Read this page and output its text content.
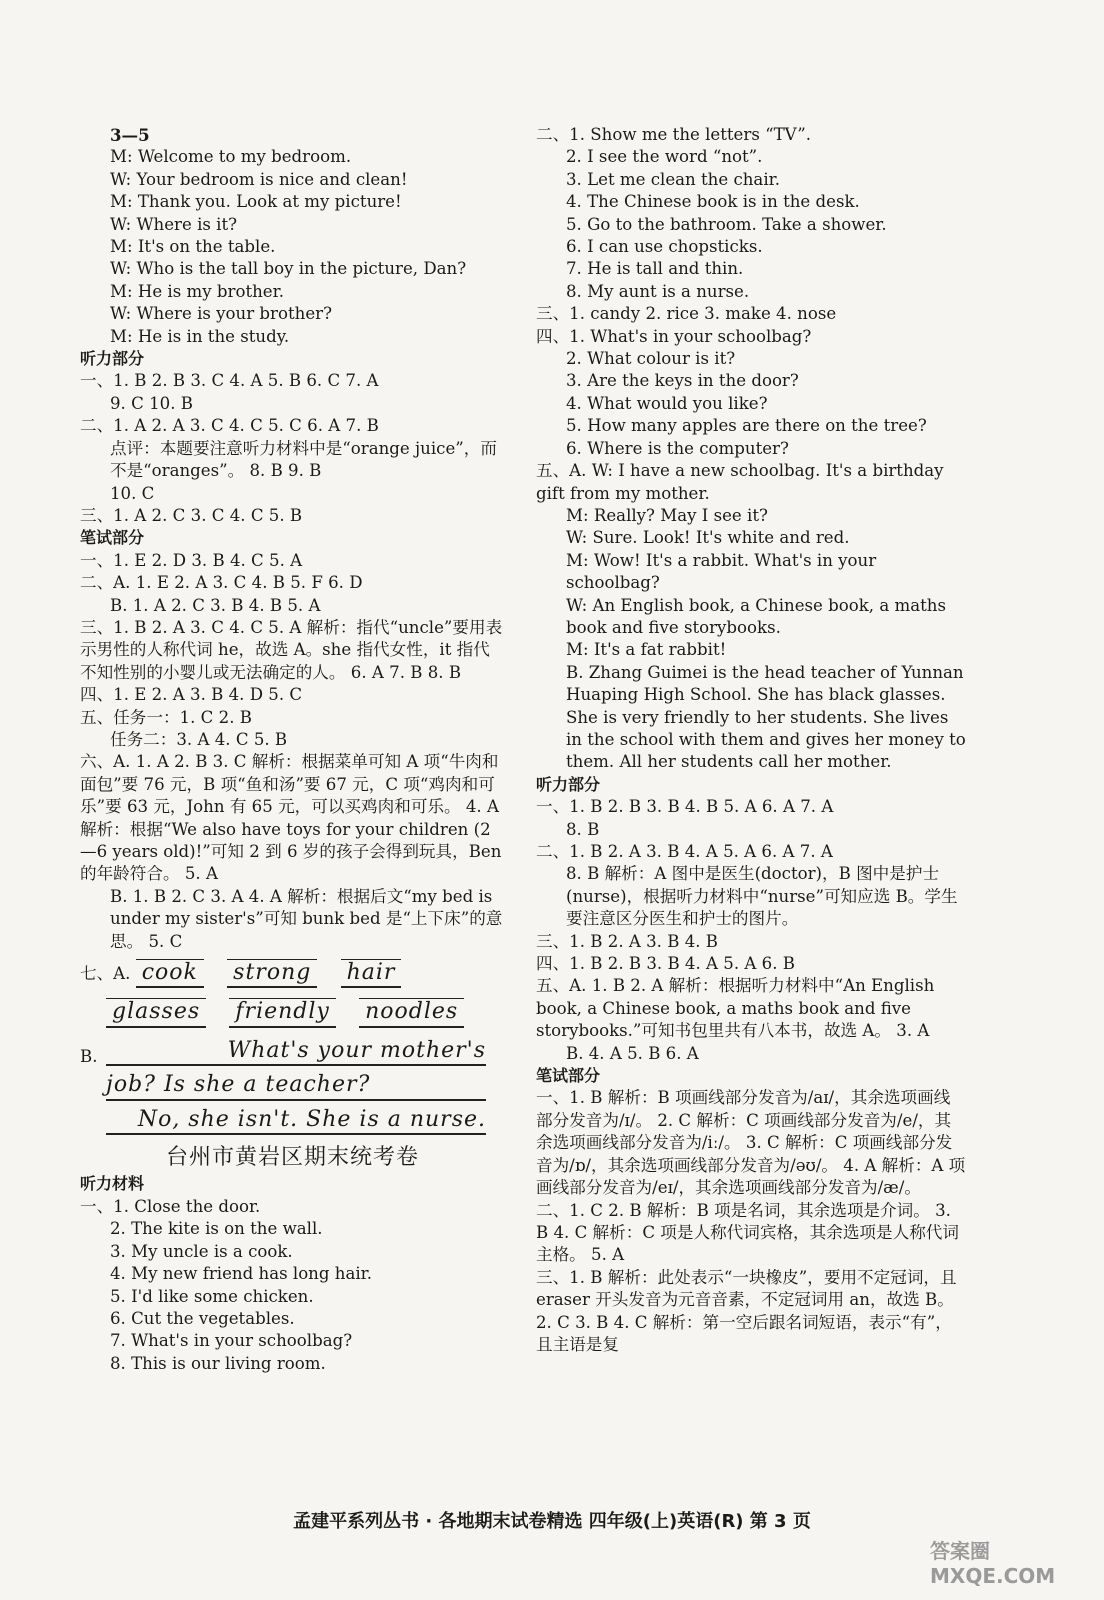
3—5
M: Welcome to my bedroom.
W: Your bedroom is nice and clean!
M: Thank you. Look at my picture!
W: Where is it?
M: It's on the table.
W: Who is the tall boy in the picture, Dan?
M: He is my brother.
W: Where is your brother?
M: He is in the study.
听力部分
一、1. B 2. B 3. C 4. A 5. B 6. C 7. A
9. C 10. B
二、1. A 2. A 3. C 4. C 5. C 6. A 7. B
点评：本题要注意听力材料中是“orange juice”，而不是“oranges”。 8. B 9. B
10. C
三、1. A 2. C 3. C 4. C 5. B
笔试部分
一、1. E 2. D 3. B 4. C 5. A
二、A. 1. E 2. A 3. C 4. B 5. F 6. D
B. 1. A 2. C 3. B 4. B 5. A
三、1. B 2. A 3. C 4. C 5. A 解析：指代“uncle”要用表示男性的人称代词 he，故选 A。she 指代女性，it 指代不知性别的小婴儿或无法确定的人。 6. A 7. B 8. B
四、1. E 2. A 3. B 4. D 5. C
五、任务一：1. C 2. B
任务二：3. A 4. C 5. B
六、A. 1. A 2. B 3. C 解析：根据菜单可知 A 项“牛肉和面包”要 76 元，B 项“鱼和汤”要 67 元，C 项“鸡肉和可乐”要 63 元，John 有 65 元，可以买鸡肉和可乐。 4. A 解析：根据“We also have toys for your children (2—6 years old)!”可知 2 到 6 岁的孩子会得到玩具，Ben 的年龄符合。 5. A
B. 1. B 2. C 3. A 4. A 解析：根据后文“my bed is under my sister's”可知 bunk bed 是“上下床”的意思。 5. C
七、A. cook strong hair
glasses friendly noodles
B.	What's your mother's
job? Is she a teacher?
No, she isn't. She is a nurse.
台州市黄岩区期末统考卷
听力材料
一、1. Close the door.
2. The kite is on the wall.
3. My uncle is a cook.
4. My new friend has long hair.
5. I'd like some chicken.
6. Cut the vegetables.
7. What's in your schoolbag?
8. This is our living room.
二、1. Show me the letters “TV”.
2. I see the word “not”.
3. Let me clean the chair.
4. The Chinese book is in the desk.
5. Go to the bathroom. Take a shower.
6. I can use chopsticks.
7. He is tall and thin.
8. My aunt is a nurse.
三、1. candy 2. rice 3. make 4. nose
四、1. What's in your schoolbag?
2. What colour is it?
3. Are the keys in the door?
4. What would you like?
5. How many apples are there on the tree?
6. Where is the computer?
五、A. W: I have a new schoolbag. It's a birthday gift from my mother.
M: Really? May I see it?
W: Sure. Look! It's white and red.
M: Wow! It's a rabbit. What's in your schoolbag?
W: An English book, a Chinese book, a maths book and five storybooks.
M: It's a fat rabbit!
B. Zhang Guimei is the head teacher of Yunnan Huaping High School. She has black glasses. She is very friendly to her students. She lives in the school with them and gives her money to them. All her students call her mother.
听力部分
一、1. B 2. B 3. B 4. B 5. A 6. A 7. A
8. B
二、1. B 2. A 3. B 4. A 5. A 6. A 7. A
8. B 解析：A 图中是医生(doctor)，B 图中是护士(nurse)，根据听力材料中“nurse”可知应选 B。学生要注意区分医生和护士的图片。
三、1. B 2. A 3. B 4. B
四、1. B 2. B 3. B 4. A 5. A 6. B
五、A. 1. B 2. A 解析：根据听力材料中“An English book, a Chinese book, a maths book and five storybooks.”可知书包里共有八本书，故选 A。 3. A
B. 4. A 5. B 6. A
笔试部分
一、1. B 解析：B 项画线部分发音为/aɪ/，其余选项画线部分发音为/ɪ/。 2. C 解析：C 项画线部分发音为/e/，其余选项画线部分发音为/iː/。 3. C 解析：C 项画线部分发音为/ɒ/，其余选项画线部分发音为/əʊ/。 4. A 解析：A 项画线部分发音为/eɪ/，其余选项画线部分发音为/æ/。
二、1. C 2. B 解析：B 项是名词，其余选项是介词。 3. B 4. C 解析：C 项是人称代词宾格，其余选项是人称代词主格。 5. A
三、1. B 解析：此处表示“一块橡皮”，要用不定冠词，且 eraser 开头发音为元音音素，不定冠词用 an，故选 B。 2. C 3. B 4. C 解析：第一空后跟名词短语，表示“有”，且主语是复
孟建平系列丛书 · 各地期末试卷精选 四年级(上)英语(R) 第 3 页
答案圈 MXQE.COM
